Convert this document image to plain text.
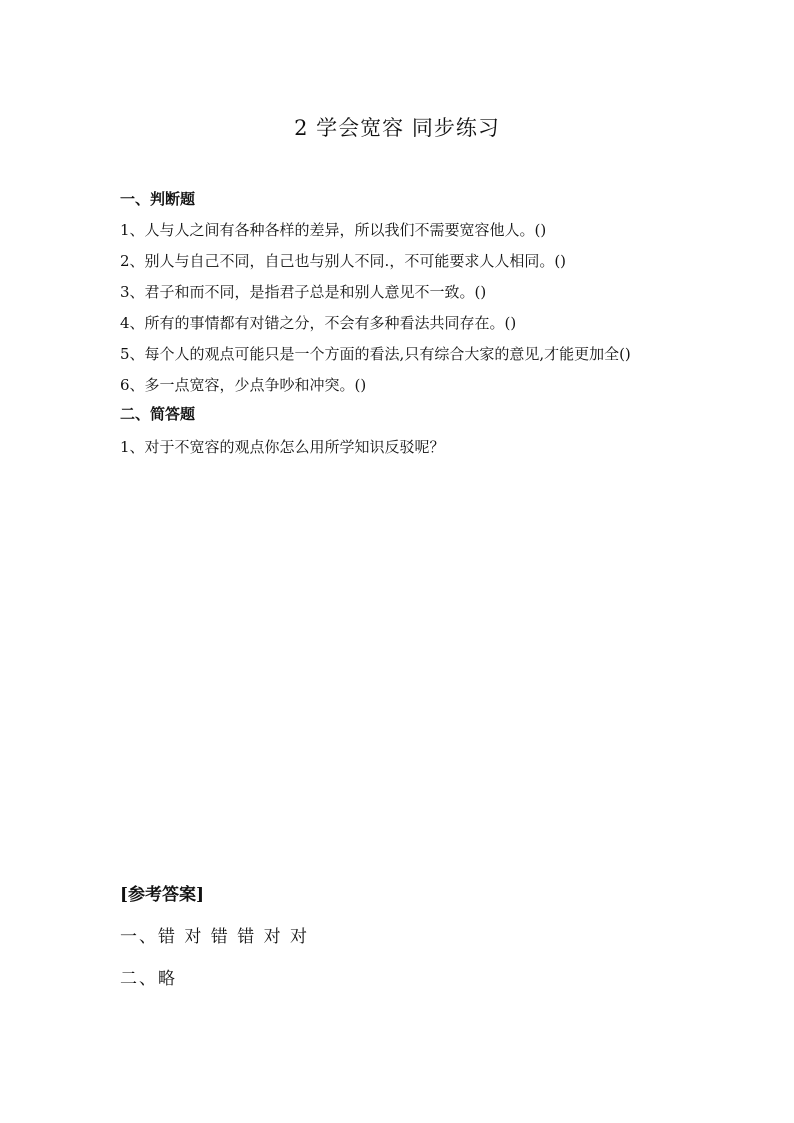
2 学会宽容 同步练习
一、判断题
1、人与人之间有各种各样的差异，所以我们不需要宽容他人。()
2、别人与自己不同，自己也与别人不同.，不可能要求人人相同。()
3、君子和而不同，是指君子总是和别人意见不一致。()
4、所有的事情都有对错之分，不会有多种看法共同存在。()
5、每个人的观点可能只是一个方面的看法,只有综合大家的意见,才能更加全()
6、多一点宽容，少点争吵和冲突。()
二、简答题
1、对于不宽容的观点你怎么用所学知识反驳呢？
[参考答案]
一、错 对 错 错 对 对
二、略
